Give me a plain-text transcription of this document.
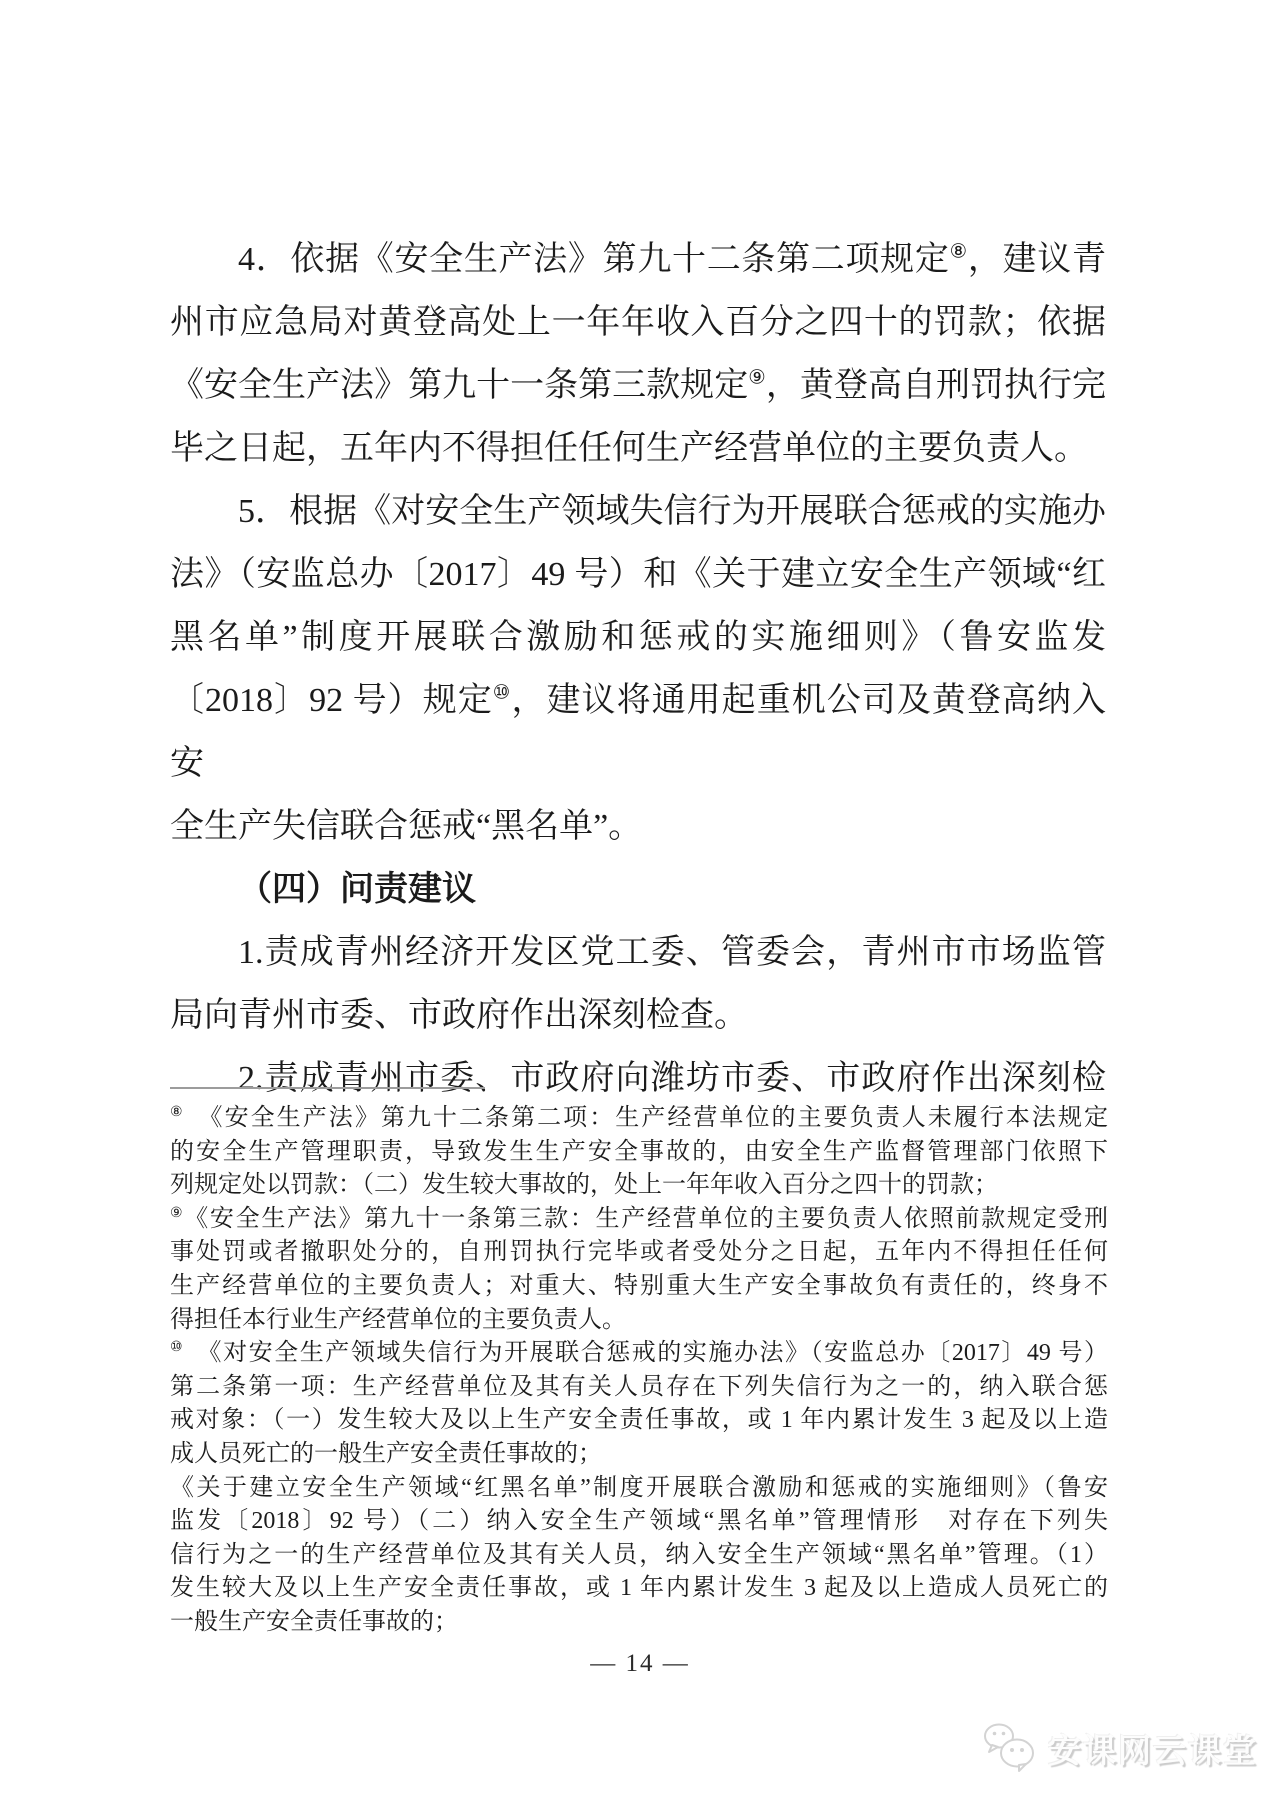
4．依据《安全生产法》第九十二条第二项规定⑧，建议青
州市应急局对黄登高处上一年年收入百分之四十的罚款；依据
《安全生产法》第九十一条第三款规定⑨，黄登高自刑罚执行完
毕之日起，五年内不得担任任何生产经营单位的主要负责人。
5．根据《对安全生产领域失信行为开展联合惩戒的实施办
法》（安监总办〔2017〕49 号）和《关于建立安全生产领域“红
黑名单”制度开展联合激励和惩戒的实施细则》（鲁安监发
〔2018〕92 号）规定⑩，建议将通用起重机公司及黄登高纳入安
全生产失信联合惩戒“黑名单”。
（四）问责建议
1.责成青州经济开发区党工委、管委会，青州市市场监管
局向青州市委、市政府作出深刻检查。
2.责成青州市委、市政府向潍坊市委、市政府作出深刻检
⑧　《安全生产法》第九十二条第二项：生产经营单位的主要负责人未履行本法规定
的安全生产管理职责，导致发生生产安全事故的，由安全生产监督管理部门依照下
列规定处以罚款：（二）发生较大事故的，处上一年年收入百分之四十的罚款；
⑨《安全生产法》第九十一条第三款：生产经营单位的主要负责人依照前款规定受刑
事处罚或者撤职处分的，自刑罚执行完毕或者受处分之日起，五年内不得担任任何
生产经营单位的主要负责人；对重大、特别重大生产安全事故负有责任的，终身不
得担任本行业生产经营单位的主要负责人。
⑩　《对安全生产领域失信行为开展联合惩戒的实施办法》（安监总办〔2017〕49 号）
第二条第一项：生产经营单位及其有关人员存在下列失信行为之一的，纳入联合惩
戒对象：（一）发生较大及以上生产安全责任事故，或 1 年内累计发生 3 起及以上造
成人员死亡的一般生产安全责任事故的；
《关于建立安全生产领域“红黑名单”制度开展联合激励和惩戒的实施细则》（鲁安
监发〔2018〕92 号）（二）纳入安全生产领域“黑名单”管理情形　对存在下列失
信行为之一的生产经营单位及其有关人员，纳入安全生产领域“黑名单”管理。（1）
发生较大及以上生产安全责任事故，或 1 年内累计发生 3 起及以上造成人员死亡的
一般生产安全责任事故的；
— 14 —
安课网云课堂
